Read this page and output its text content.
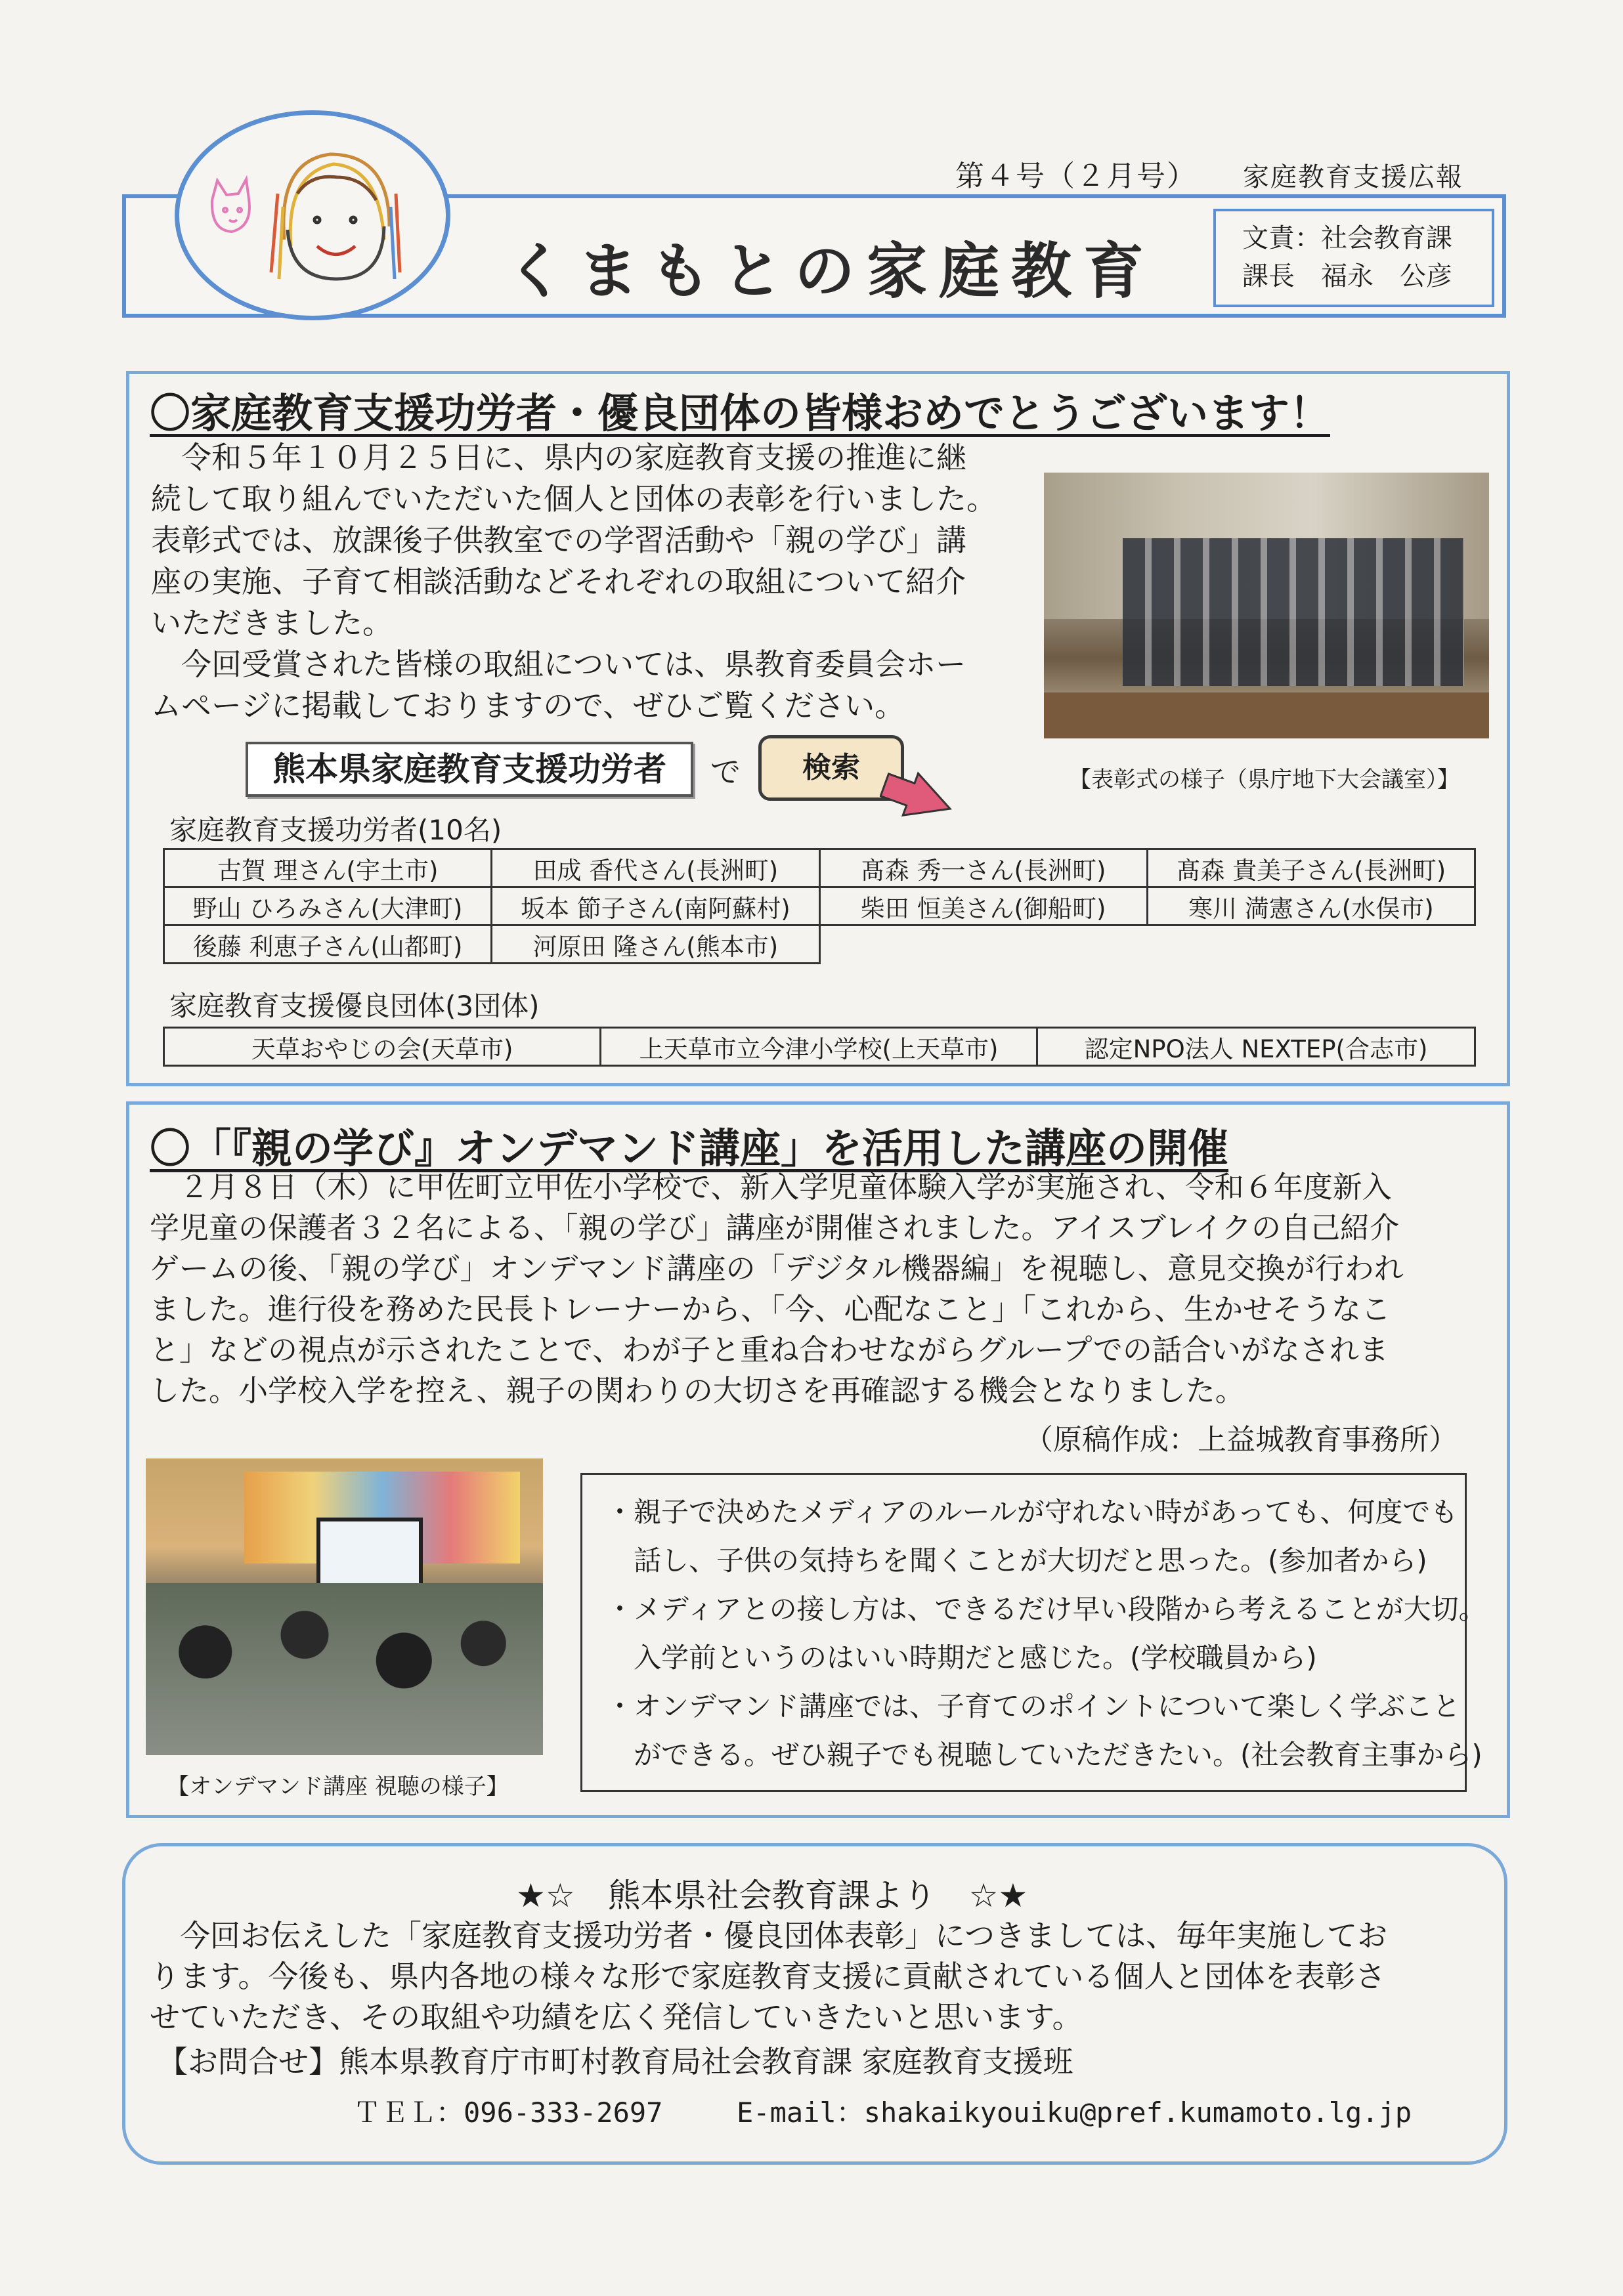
第４号（２月号） 家庭教育支援広報
くまもとの家庭教育	文責：社会教育課
課長　福永　公彦
〇家庭教育支援功労者・優良団体の皆様おめでとうございます！
　令和５年１０月２５日に、県内の家庭教育支援の推進に継
続して取り組んでいただいた個人と団体の表彰を行いました。
表彰式では、放課後子供教室での学習活動や「親の学び」講
座の実施、子育て相談活動などそれぞれの取組について紹介
いただきました。
　今回受賞された皆様の取組については、県教育委員会ホー
ムページに掲載しておりますので、ぜひご覧ください。
【表彰式の様子（県庁地下大会議室）】
熊本県家庭教育支援功労者	で	検索
家庭教育支援功労者(10名)
古賀 理さん(宇土市)	田成 香代さん(長洲町)	髙森 秀一さん(長洲町)	髙森 貴美子さん(長洲町)
野山 ひろみさん(大津町)	坂本 節子さん(南阿蘇村)	柴田 恒美さん(御船町)	寒川 満憲さん(水俣市)
後藤 利恵子さん(山都町)	河原田 隆さん(熊本市)		
家庭教育支援優良団体(3団体)
天草おやじの会(天草市)	上天草市立今津小学校(上天草市)	認定NPO法人 NEXTEP(合志市)
〇「『親の学び』オンデマンド講座」を活用した講座の開催
　２月８日（木）に甲佐町立甲佐小学校で、新入学児童体験入学が実施され、令和６年度新入
学児童の保護者３２名による、「親の学び」講座が開催されました。アイスブレイクの自己紹介
ゲームの後、「親の学び」オンデマンド講座の「デジタル機器編」を視聴し、意見交換が行われ
ました。進行役を務めた民長トレーナーから、「今、心配なこと」「これから、生かせそうなこ
と」などの視点が示されたことで、わが子と重ね合わせながらグループでの話合いがなされま
した。小学校入学を控え、親子の関わりの大切さを再確認する機会となりました。
（原稿作成：上益城教育事務所）
【オンデマンド講座 視聴の様子】
・親子で決めたメディアのルールが守れない時があっても、何度でも
　話し、子供の気持ちを聞くことが大切だと思った。(参加者から)
・メディアとの接し方は、できるだけ早い段階から考えることが大切。
　入学前というのはいい時期だと感じた。(学校職員から)
・オンデマンド講座では、子育てのポイントについて楽しく学ぶこと
　ができる。ぜひ親子でも視聴していただきたい。(社会教育主事から)
★☆　熊本県社会教育課より　☆★
　今回お伝えした「家庭教育支援功労者・優良団体表彰」につきましては、毎年実施してお
ります。今後も、県内各地の様々な形で家庭教育支援に貢献されている個人と団体を表彰さ
せていただき、その取組や功績を広く発信していきたいと思います。
【お問合せ】熊本県教育庁市町村教育局社会教育課 家庭教育支援班
ＴＥＬ：096-333-2697	E-mail：shakaikyouiku@pref.kumamoto.lg.jp
